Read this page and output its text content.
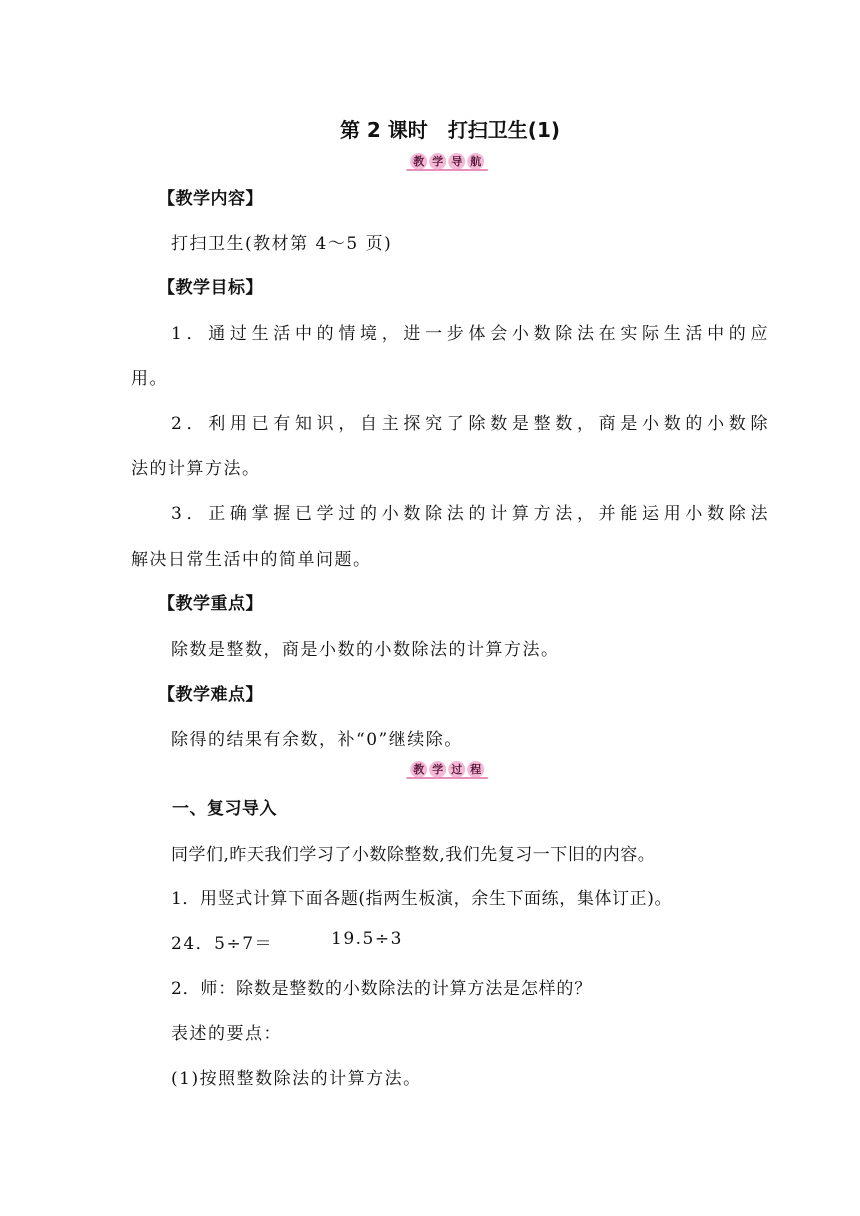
第 2 课时 打扫卫生(1)
教 学 导 航
【教学内容】
打扫卫生(教材第 4～5 页)
【教学目标】
1．通过生活中的情境，进一步体会小数除法在实际生活中的应
用。
2．利用已有知识，自主探究了除数是整数，商是小数的小数除
法的计算方法。
3．正确掌握已学过的小数除法的计算方法，并能运用小数除法
解决日常生活中的简单问题。
【教学重点】
除数是整数，商是小数的小数除法的计算方法。
【教学难点】
除得的结果有余数，补“0”继续除。
教 学 过 程
一、复习导入
同学们,昨天我们学习了小数除整数,我们先复习一下旧的内容。
1．用竖式计算下面各题(指两生板演，余生下面练，集体订正)。
24．5÷7＝	19.5÷3
2．师：除数是整数的小数除法的计算方法是怎样的？
表述的要点：
(1)按照整数除法的计算方法。
